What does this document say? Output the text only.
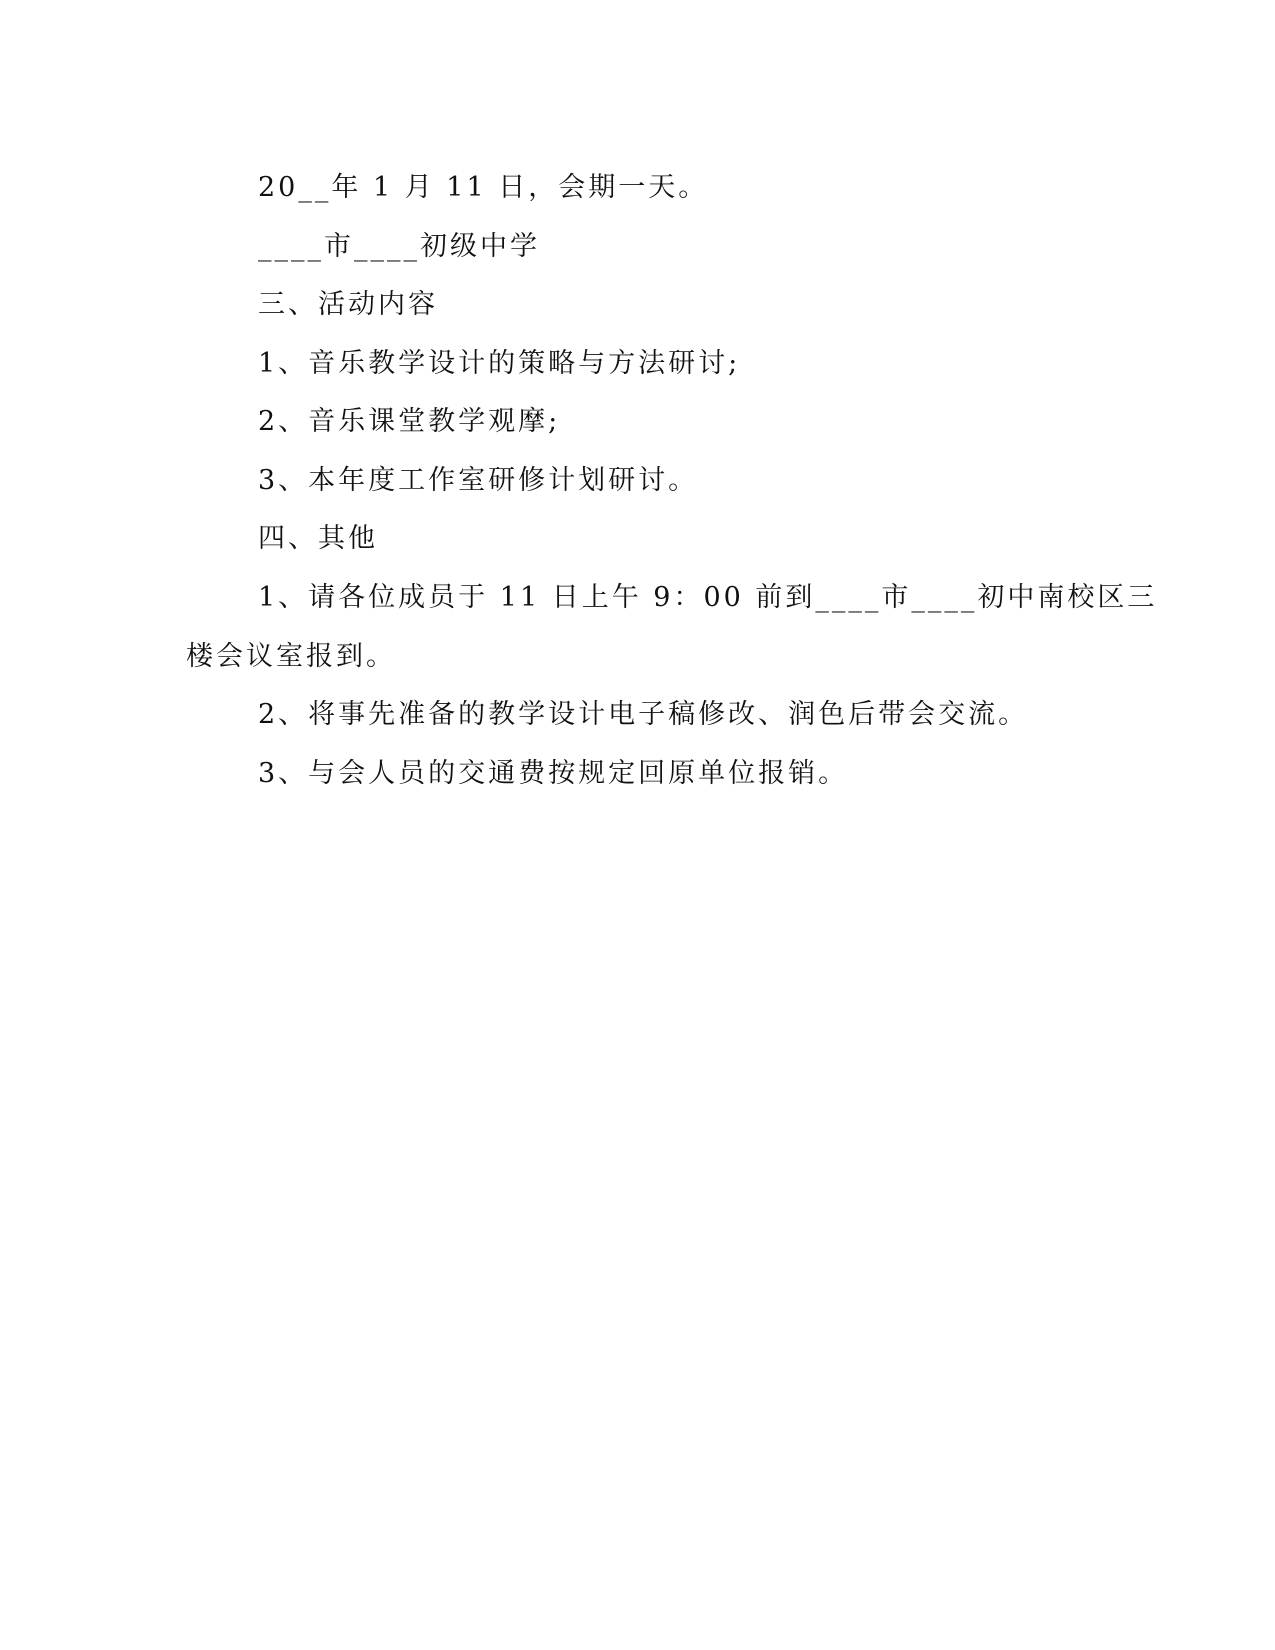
20__年 1 月 11 日，会期一天。
____市____初级中学
三、活动内容
1、音乐教学设计的策略与方法研讨;
2、音乐课堂教学观摩;
3、本年度工作室研修计划研讨。
四、其他
1、请各位成员于 11 日上午 9：00 前到____市____初中南校区三
楼会议室报到。
2、将事先准备的教学设计电子稿修改、润色后带会交流。
3、与会人员的交通费按规定回原单位报销。
